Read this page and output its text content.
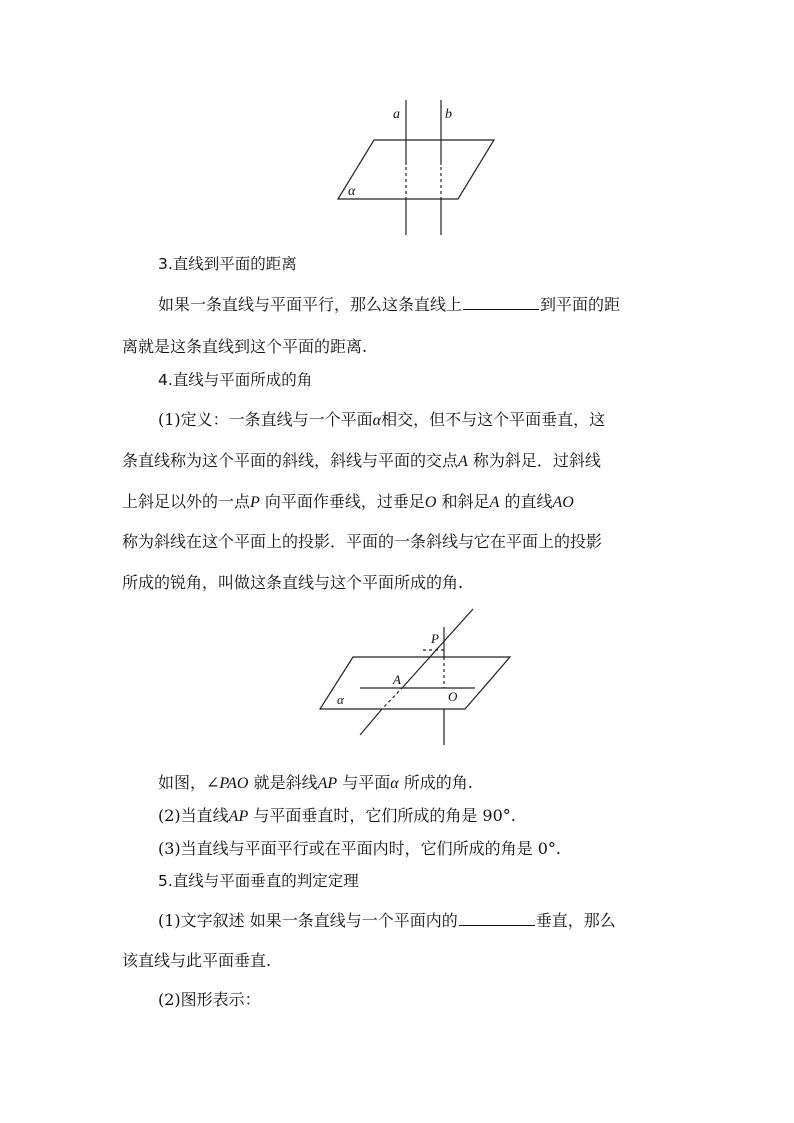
a	b
α
3.直线到平面的距离
如果一条直线与平面平行，那么这条直线上	到平面的距
离就是这条直线到这个平面的距离.
4.直线与平面所成的角
(1)定义：一条直线与一个平面α相交，但不与这个平面垂直，这
条直线称为这个平面的斜线，斜线与平面的交点A 称为斜足．过斜线
上斜足以外的一点P 向平面作垂线，过垂足O 和斜足A 的直线AO
称为斜线在这个平面上的投影．平面的一条斜线与它在平面上的投影
所成的锐角，叫做这条直线与这个平面所成的角.
P
A
O
α
如图，∠PAO 就是斜线AP 与平面α 所成的角.
(2)当直线AP 与平面垂直时，它们所成的角是 90°.
(3)当直线与平面平行或在平面内时，它们所成的角是 0°.
5.直线与平面垂直的判定定理
(1)文字叙述 如果一条直线与一个平面内的	垂直，那么
该直线与此平面垂直.
(2)图形表示：
